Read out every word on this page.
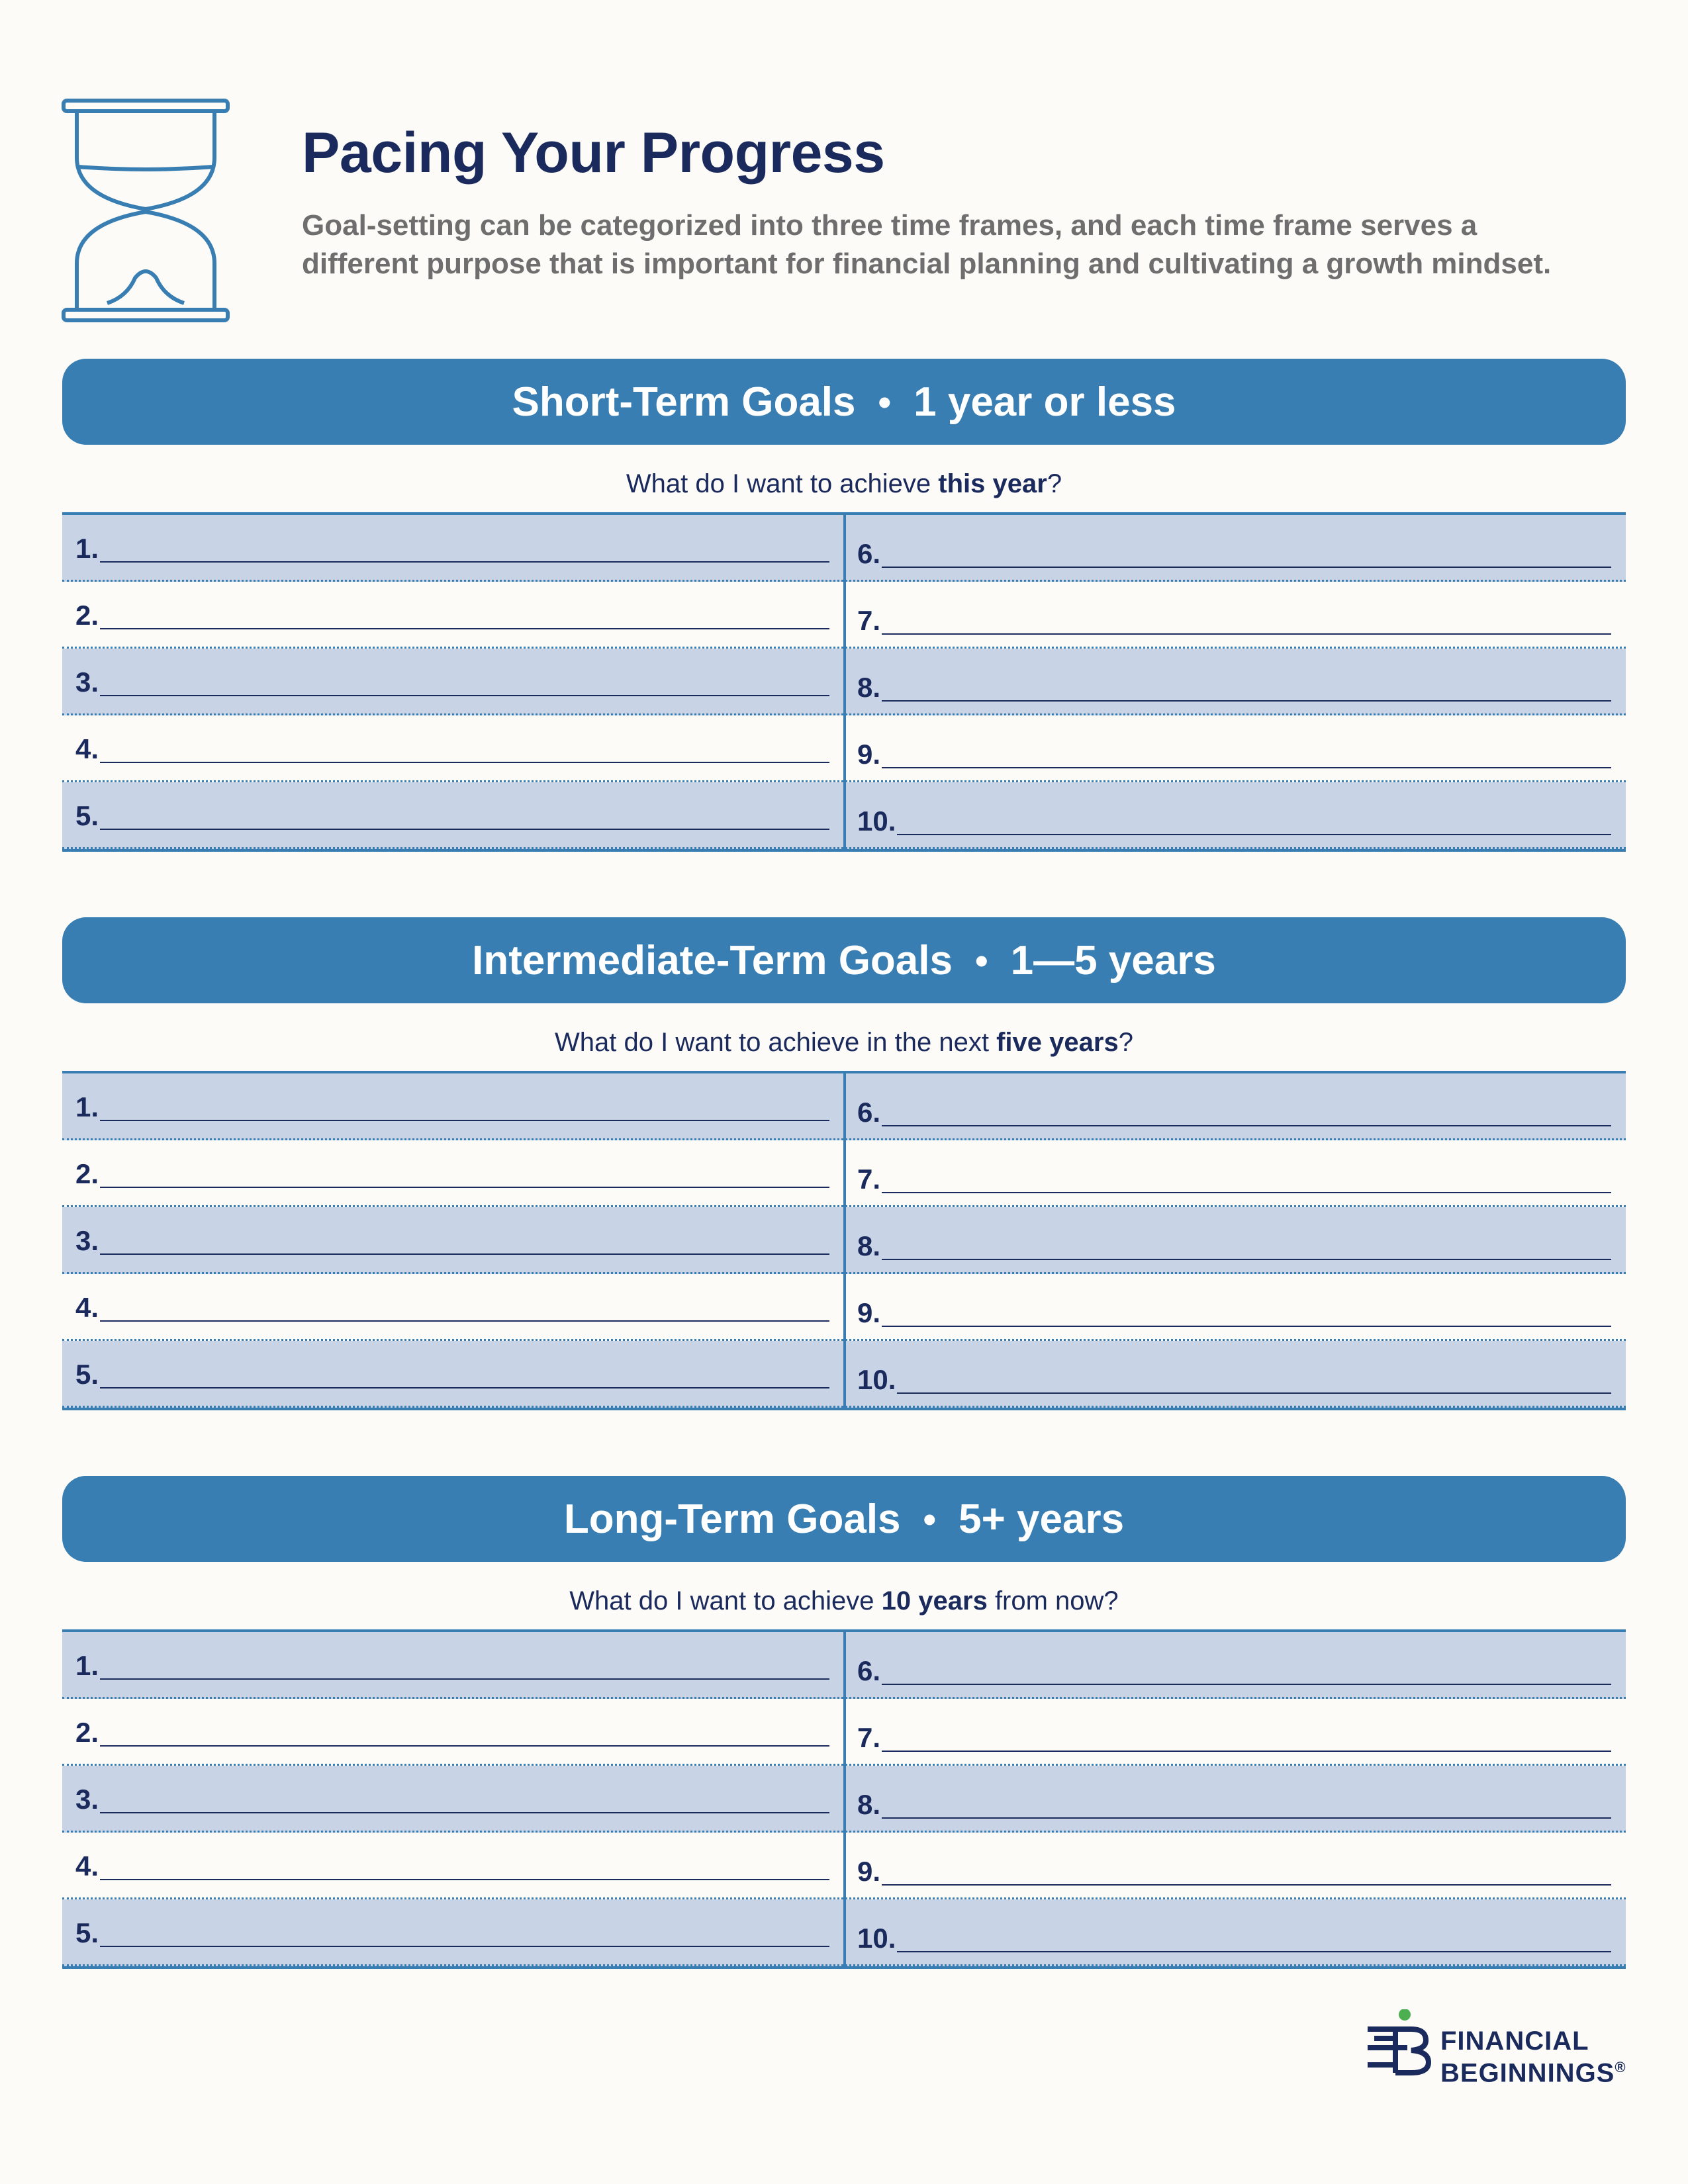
Pacing Your Progress

Goal-setting can be categorized into three time frames, and each time frame serves a
different purpose that is important for financial planning and cultivating a growth mindset.

Short-Term Goals • 1 year or less
What do I want to achieve this year?
1.	6.
2.	7.
3.	8.
4.	9.
5.	10.
Intermediate-Term Goals • 1—5 years
What do I want to achieve in the next five years?
1.	6.
2.	7.
3.	8.
4.	9.
5.	10.
Long-Term Goals • 5+ years
What do I want to achieve 10 years from now?
1.	6.
2.	7.
3.	8.
4.	9.
5.	10.
FINANCIAL
BEGINNINGS®
